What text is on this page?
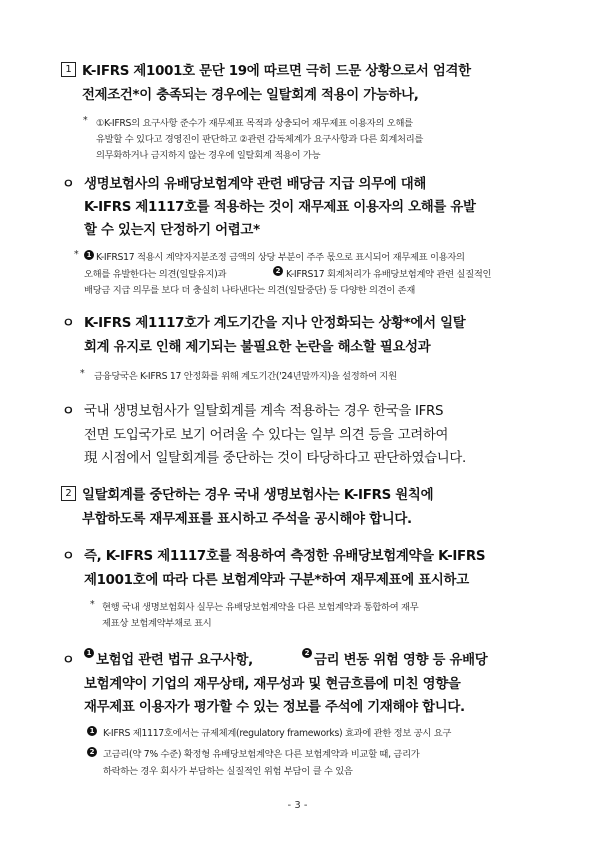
1 K-IFRS 제1001호 문단 19에 따르면 극히 드문 상황으로서 엄격한
전제조건*이 충족되는 경우에는 일탈회계 적용이 가능하나,
* ①K-IFRS의 요구사항 준수가 재무제표 목적과 상충되어 재무제표 이용자의 오해를
유발할 수 있다고 경영진이 판단하고 ②관련 감독체계가 요구사항과 다른 회계처리를
의무화하거나 금지하지 않는 경우에 일탈회계 적용이 가능
ㅇ 생명보험사의 유배당보험계약 관련 배당금 지급 의무에 대해
K-IFRS 제1117호를 적용하는 것이 재무제표 이용자의 오해를 유발
할 수 있는지 단정하기 어렵고*
*	1 K-IFRS17 적용시 계약자지분조정 금액의 상당 부분이 주주 몫으로 표시되어 재무제표 이용자의
오해를 유발한다는 의견(일탈유지)과	2 K-IFRS17 회계처리가 유배당보험계약 관련 실질적인
배당금 지급 의무를 보다 더 충실히 나타낸다는 의견(일탈중단) 등 다양한 의견이 존재
ㅇ K-IFRS 제1117호가 계도기간을 지나 안정화되는 상황*에서 일탈
회계 유지로 인해 제기되는 불필요한 논란을 해소할 필요성과
* 금융당국은 K-IFRS 17 안정화를 위해 계도기간('24년말까지)을 설정하여 지원
ㅇ 국내 생명보험사가 일탈회계를 계속 적용하는 경우 한국을 IFRS
전면 도입국가로 보기 어려울 수 있다는 일부 의견 등을 고려하여
現 시점에서 일탈회계를 중단하는 것이 타당하다고 판단하였습니다.
2 일탈회계를 중단하는 경우 국내 생명보험사는 K-IFRS 원칙에
부합하도록 재무제표를 표시하고 주석을 공시해야 합니다.
ㅇ 즉, K-IFRS 제1117호를 적용하여 측정한 유배당보험계약을 K-IFRS
제1001호에 따라 다른 보험계약과 구분*하여 재무제표에 표시하고
* 현행 국내 생명보험회사 실무는 유배당보험계약을 다른 보험계약과 통합하여 재무
제표상 보험계약부채로 표시
ㅇ	1 보험업 관련 법규 요구사항,	2 금리 변동 위험 영향 등 유배당
보험계약이 기업의 재무상태, 재무성과 및 현금흐름에 미친 영향을
재무제표 이용자가 평가할 수 있는 정보를 주석에 기재해야 합니다.
1 K-IFRS 제1117호에서는 규제체계(regulatory frameworks) 효과에 관한 정보 공시 요구
2 고금리(약 7% 수준) 확정형 유배당보험계약은 다른 보험계약과 비교할 때, 금리가
하락하는 경우 회사가 부담하는 실질적인 위험 부담이 클 수 있음
- 3 -
